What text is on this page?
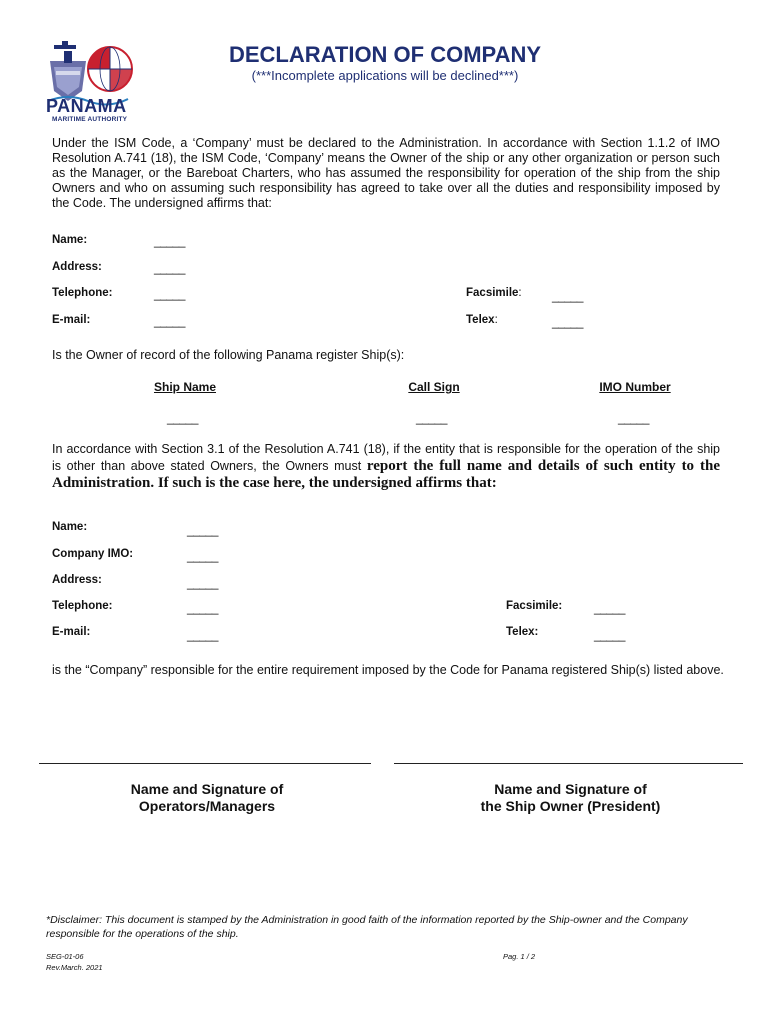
PANAMA
MARITIME AUTHORITY
DECLARATION OF COMPANY
(***Incomplete applications will be declined***)
Under the ISM Code, a ‘Company’ must be declared to the Administration. In accordance with Section 1.1.2 of IMO Resolution A.741 (18), the ISM Code, ‘Company’ means the Owner of the ship or any other organization or person such as the Manager, or the Bareboat Charters, who has assumed the responsibility for operation of the ship from the ship Owners and who on assuming such responsibility has agreed to take over all the duties and responsibility imposed by the Code. The undersigned affirms that:
Name:	_____
Address:	_____
Telephone:	_____	Facsimile:	_____
E-mail:	_____	Telex:	_____
Is the Owner of record of the following Panama register Ship(s):
Ship Name	Call Sign	IMO Number
_____	_____	_____
In accordance with Section 3.1 of the Resolution A.741 (18), if the entity that is responsible for the operation of the ship is other than above stated Owners, the Owners must report the full name and details of such entity to the Administration. If such is the case here, the undersigned affirms that:
Name:	_____
Company IMO:	_____
Address:	_____
Telephone:	_____	Facsimile:	_____
E-mail:	_____	Telex:	_____
is the “Company” responsible for the entire requirement imposed by the Code for Panama registered Ship(s) listed above.
Name and Signature of
Operators/Managers
Name and Signature of
the Ship Owner (President)
*Disclaimer: This document is stamped by the Administration in good faith of the information reported by the Ship-owner and the Company responsible for the operations of the ship.
SEG-01-06
Rev.March. 2021
Pag. 1 / 2
